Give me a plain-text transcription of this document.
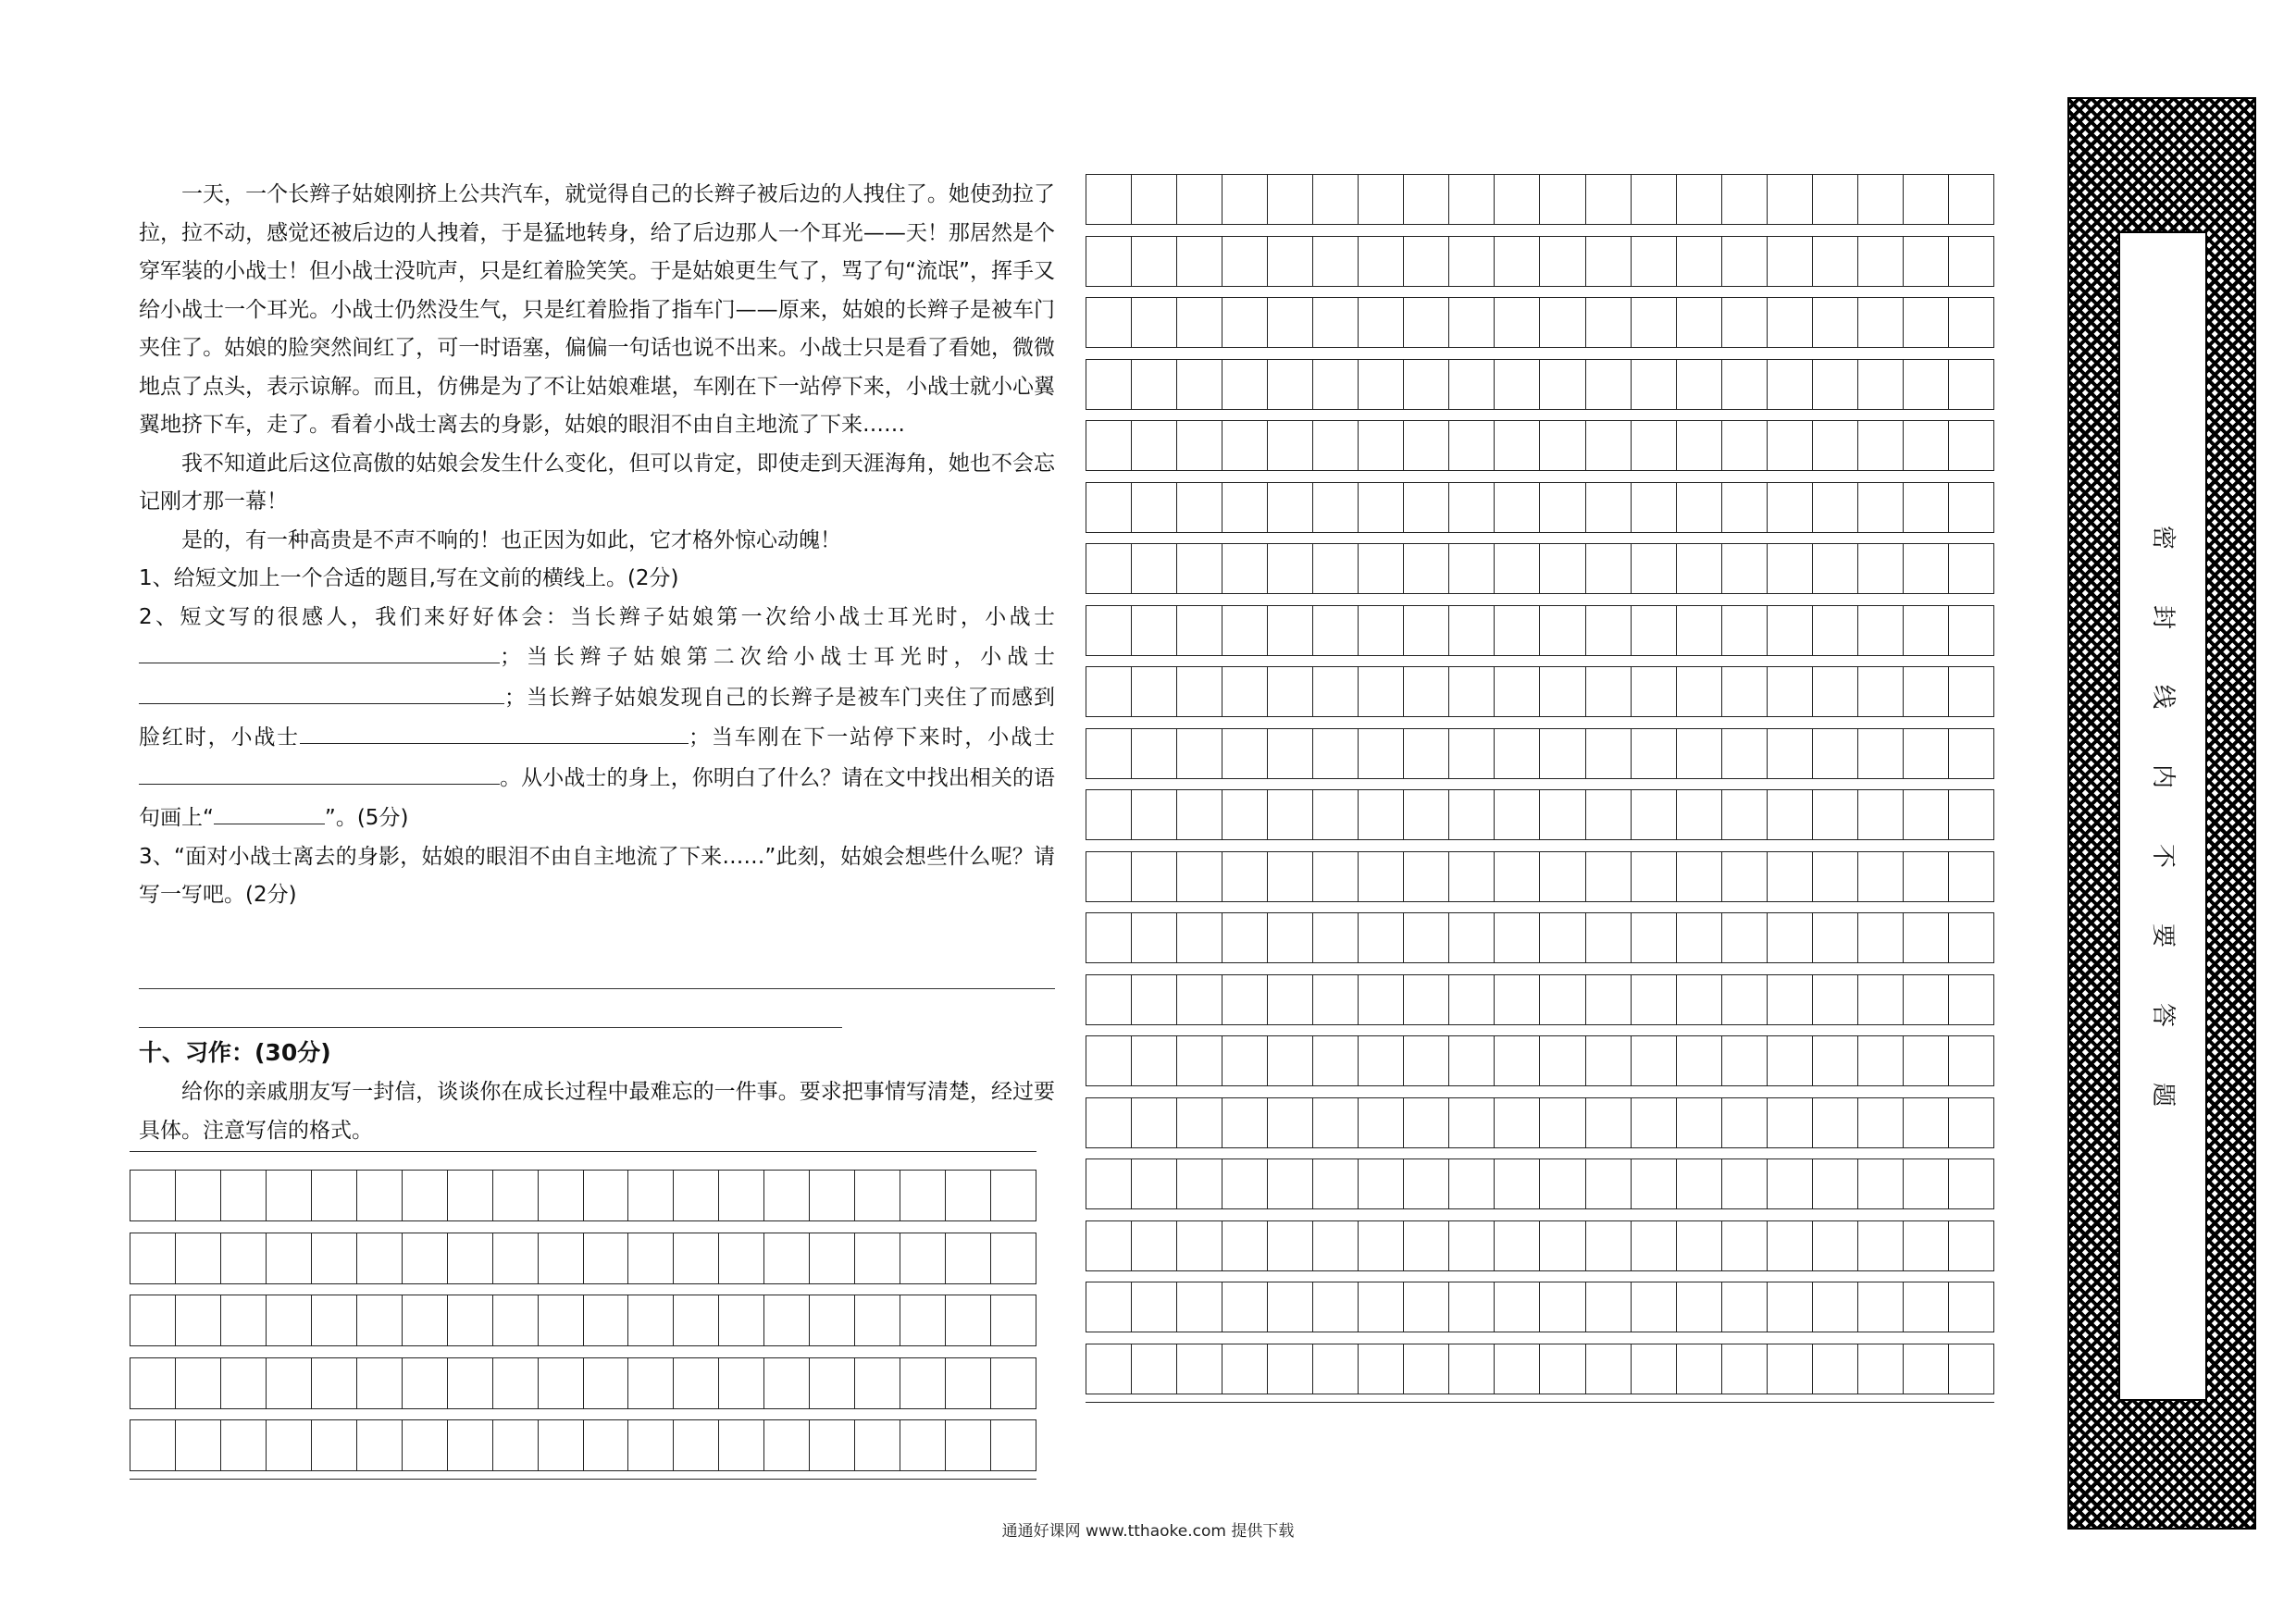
一天，一个长辫子姑娘刚挤上公共汽车，就觉得自己的长辫子被后边的人拽住了。她使劲拉了拉，拉不动，感觉还被后边的人拽着，于是猛地转身，给了后边那人一个耳光——天！那居然是个穿军装的小战士！但小战士没吭声，只是红着脸笑笑。于是姑娘更生气了，骂了句“流氓”，挥手又给小战士一个耳光。小战士仍然没生气，只是红着脸指了指车门——原来，姑娘的长辫子是被车门夹住了。姑娘的脸突然间红了，可一时语塞，偏偏一句话也说不出来。小战士只是看了看她，微微地点了点头，表示谅解。而且，仿佛是为了不让姑娘难堪，车刚在下一站停下来，小战士就小心翼翼地挤下车，走了。看着小战士离去的身影，姑娘的眼泪不由自主地流了下来……

我不知道此后这位高傲的姑娘会发生什么变化，但可以肯定，即使走到天涯海角，她也不会忘记刚才那一幕！

是的，有一种高贵是不声不响的！也正因为如此，它才格外惊心动魄！

1、给短文加上一个合适的题目,写在文前的横线上。(2分)

2、短文写的很感人，我们来好好体会：当长辫子姑娘第一次给小战士耳光时，小战士；当长辫子姑娘第二次给小战士耳光时，小战士；当长辫子姑娘发现自己的长辫子是被车门夹住了而感到脸红时，小战士	；当车刚在下一站停下来时，小战士。从小战士的身上，你明白了什么？请在文中找出相关的语句画上“	”。(5分)

3、“面对小战士离去的身影，姑娘的眼泪不由自主地流了下来……”此刻，姑娘会想些什么呢？请写一写吧。(2分)

十、习作：(30分)

给你的亲戚朋友写一封信，谈谈你在成长过程中最难忘的一件事。要求把事情写清楚，经过要具体。注意写信的格式。

密
封
线
内
不
要
答
题
通通好课网 www.tthaoke.com 提供下载
